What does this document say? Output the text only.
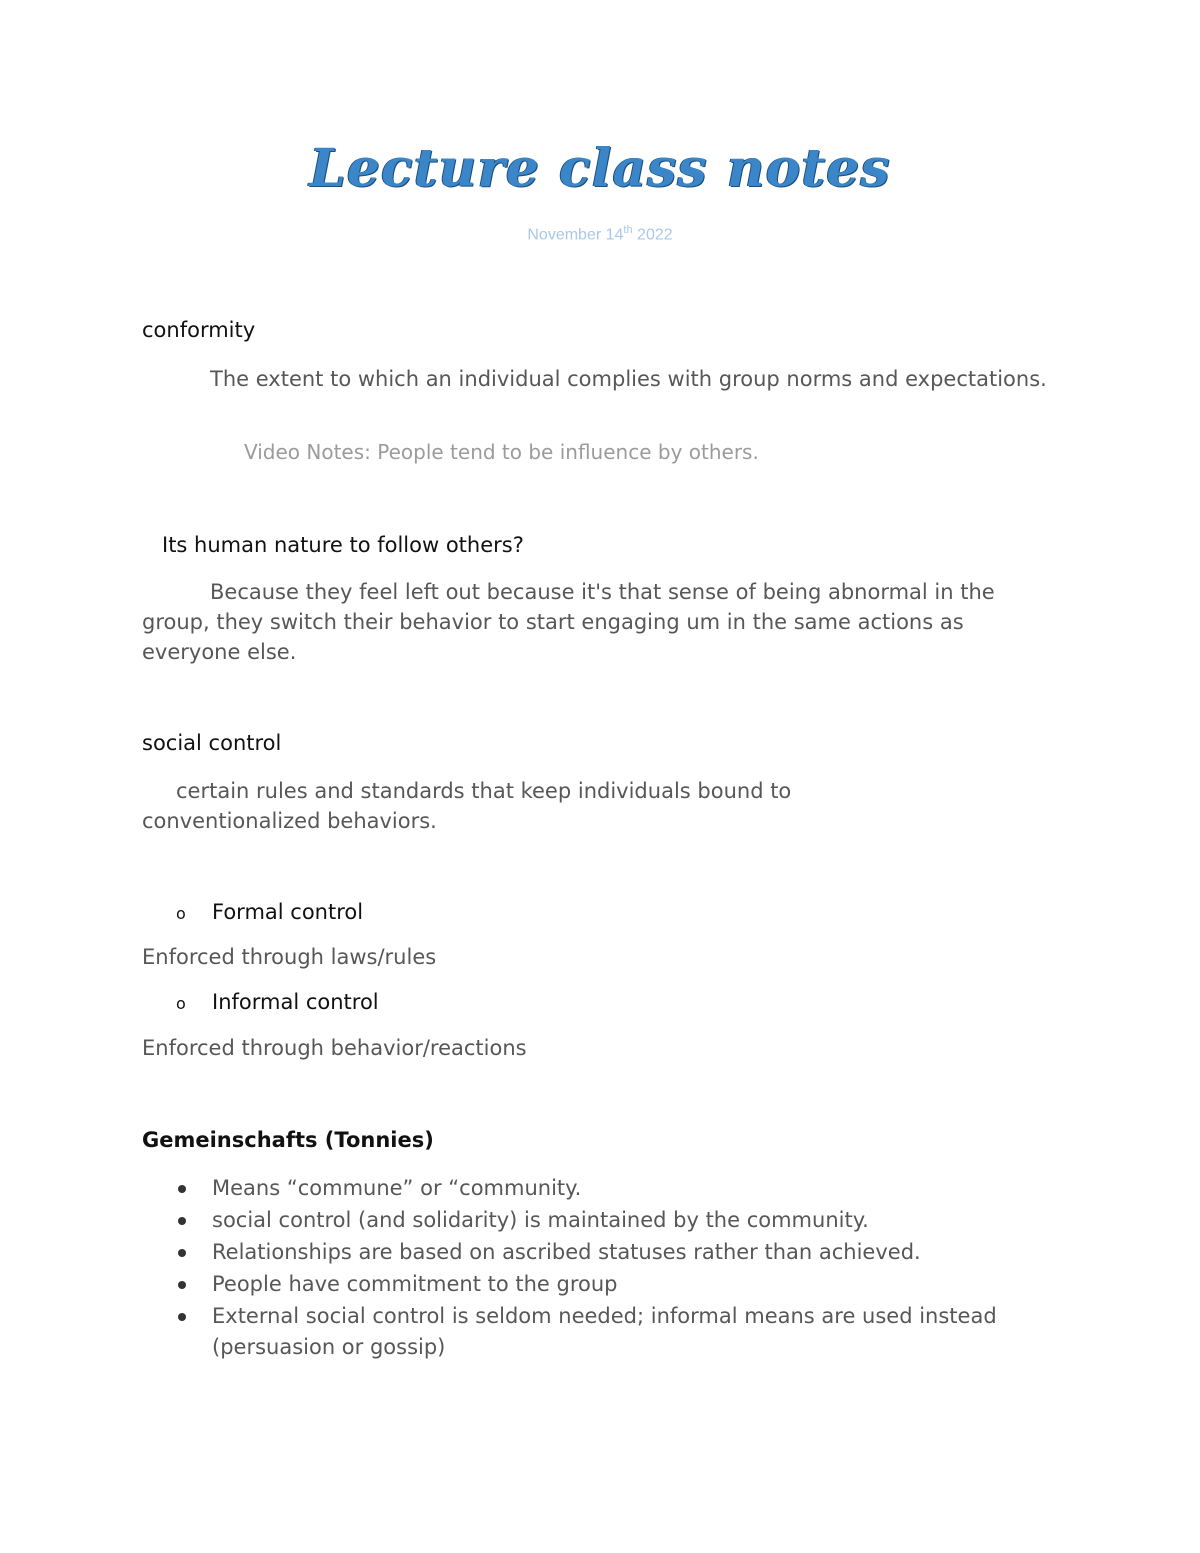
Lecture class notes
November 14th 2022
conformity

The extent to which an individual complies with group norms and expectations.

Video Notes: People tend to be influence by others.
Its human nature to follow others?

Because they feel left out because it's that sense of being abnormal in the group, they switch their behavior to start engaging um in the same actions as everyone else.

social control

certain rules and standards that keep individuals bound to conventionalized behaviors.

o Formal control
Enforced through laws/rules
o Informal control
Enforced through behavior/reactions
Gemeinschafts (Tonnies)
Means “commune” or “community.
social control (and solidarity) is maintained by the community.
Relationships are based on ascribed statuses rather than achieved.
People have commitment to the group
External social control is seldom needed; informal means are used instead (persuasion or gossip)
